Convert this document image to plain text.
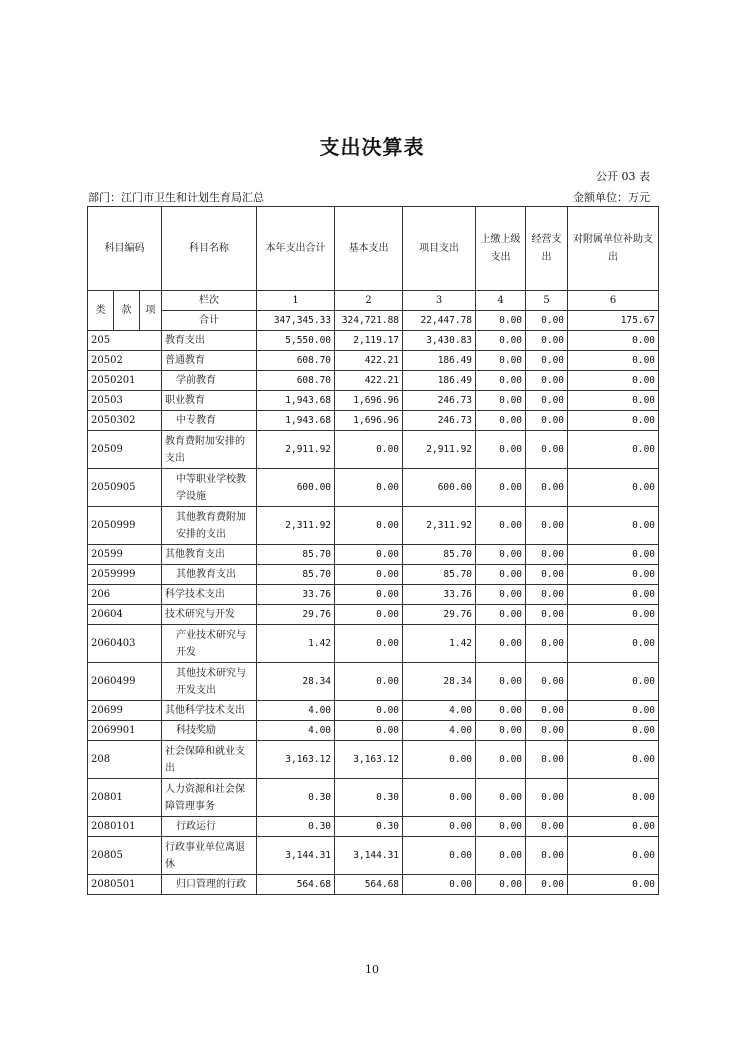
支出决算表
公开 03 表
部门：江门市卫生和计划生育局汇总	金额单位：万元
科目编码			科目名称	本年支出合计	基本支出	项目支出	上缴上级支出	经营支出	对附属单位补助支出
类	款	项	栏次	1	2	3	4	5	6
			合计	347,345.33	324,721.88	22,447.78	0.00	0.00	175.67
205			教育支出	5,550.00	2,119.17	3,430.83	0.00	0.00	0.00
20502			普通教育	608.70	422.21	186.49	0.00	0.00	0.00
2050201			学前教育	608.70	422.21	186.49	0.00	0.00	0.00
20503			职业教育	1,943.68	1,696.96	246.73	0.00	0.00	0.00
2050302			中专教育	1,943.68	1,696.96	246.73	0.00	0.00	0.00
20509			教育费附加安排的支出	2,911.92	0.00	2,911.92	0.00	0.00	0.00
2050905			中等职业学校教学设施	600.00	0.00	600.00	0.00	0.00	0.00
2050999			其他教育费附加安排的支出	2,311.92	0.00	2,311.92	0.00	0.00	0.00
20599			其他教育支出	85.70	0.00	85.70	0.00	0.00	0.00
2059999			其他教育支出	85.70	0.00	85.70	0.00	0.00	0.00
206			科学技术支出	33.76	0.00	33.76	0.00	0.00	0.00
20604			技术研究与开发	29.76	0.00	29.76	0.00	0.00	0.00
2060403			产业技术研究与开发	1.42	0.00	1.42	0.00	0.00	0.00
2060499			其他技术研究与开发支出	28.34	0.00	28.34	0.00	0.00	0.00
20699			其他科学技术支出	4.00	0.00	4.00	0.00	0.00	0.00
2069901			科技奖励	4.00	0.00	4.00	0.00	0.00	0.00
208			社会保障和就业支出	3,163.12	3,163.12	0.00	0.00	0.00	0.00
20801			人力资源和社会保障管理事务	0.30	0.30	0.00	0.00	0.00	0.00
2080101			行政运行	0.30	0.30	0.00	0.00	0.00	0.00
20805			行政事业单位离退休	3,144.31	3,144.31	0.00	0.00	0.00	0.00
2080501			归口管理的行政	564.68	564.68	0.00	0.00	0.00	0.00
10
